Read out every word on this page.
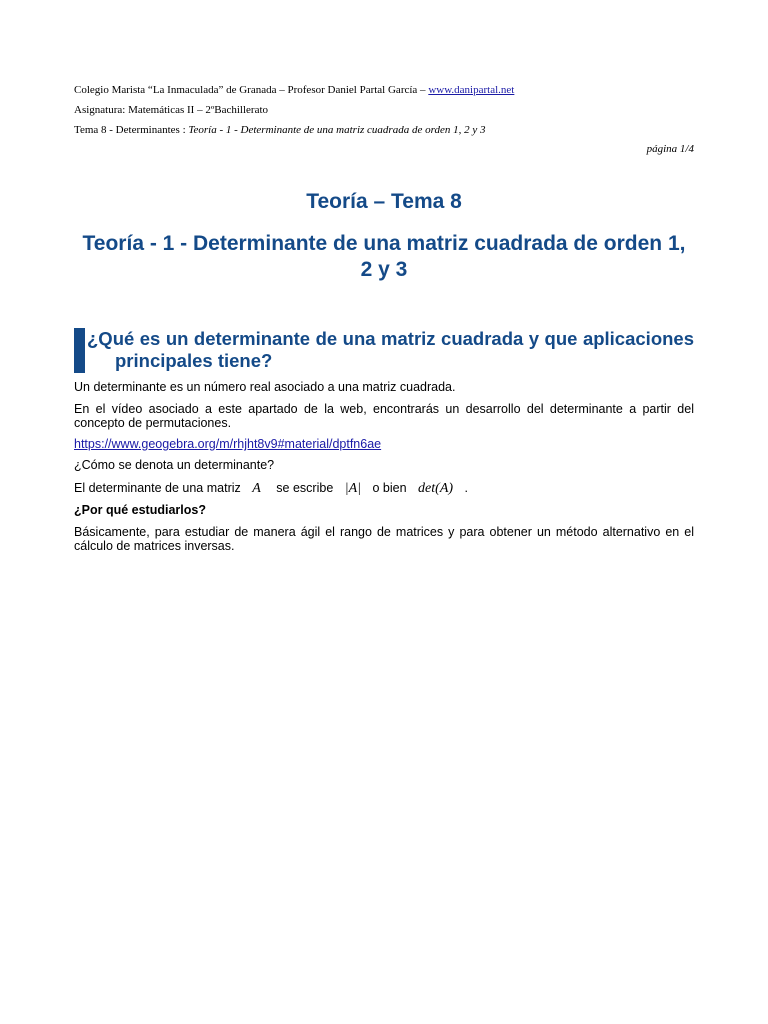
Colegio Marista “La Inmaculada” de Granada – Profesor Daniel Partal García – www.danipartal.net
Asignatura: Matemáticas II – 2ºBachillerato
Tema 8 - Determinantes : Teoría - 1 - Determinante de una matriz cuadrada de orden 1, 2 y 3
página 1/4
Teoría – Tema 8
Teoría - 1 - Determinante de una matriz cuadrada de orden 1, 2 y 3
¿Qué es un determinante de una matriz cuadrada y que aplicaciones principales tiene?
Un determinante es un número real asociado a una matriz cuadrada.
En el vídeo asociado a este apartado de la web, encontrarás un desarrollo del determinante a partir del concepto de permutaciones.
https://www.geogebra.org/m/rhjht8v9#material/dptfn6ae
¿Cómo se denota un determinante?
El determinante de una matriz A se escribe |A| o bien det(A) .
¿Por qué estudiarlos?
Básicamente, para estudiar de manera ágil el rango de matrices y para obtener un método alternativo en el cálculo de matrices inversas.
